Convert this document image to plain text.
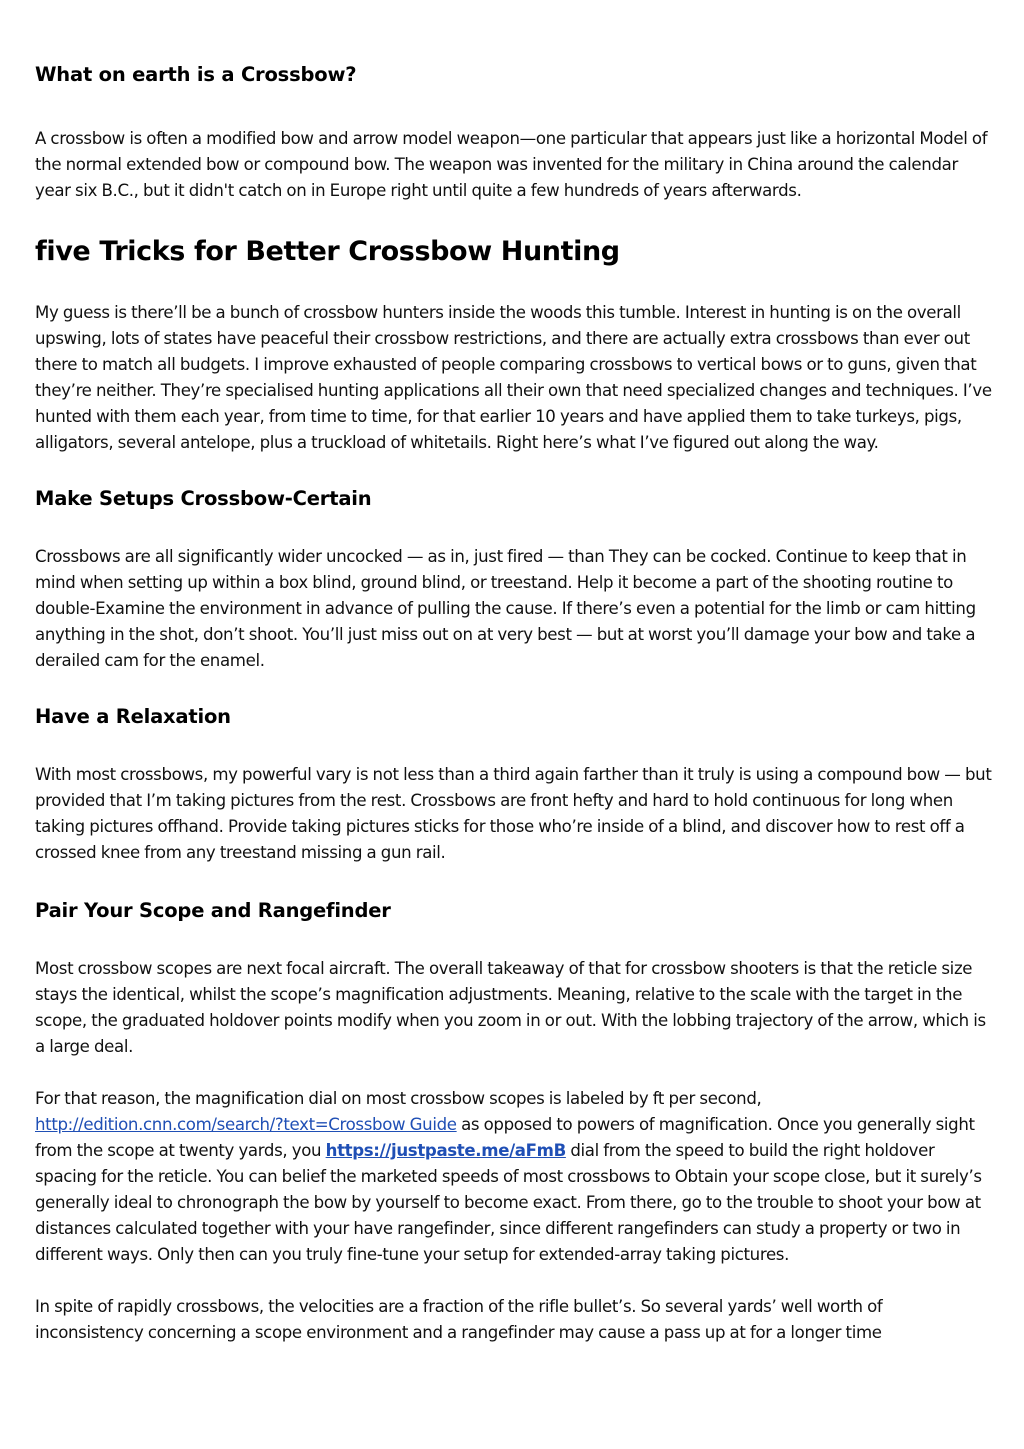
What on earth is a Crossbow?

A crossbow is often a modified bow and arrow model weapon—one particular that appears just like a horizontal Model of the normal extended bow or compound bow. The weapon was invented for the military in China around the calendar year six B.C., but it didn't catch on in Europe right until quite a few hundreds of years afterwards.

five Tricks for Better Crossbow Hunting

My guess is there’ll be a bunch of crossbow hunters inside the woods this tumble. Interest in hunting is on the overall upswing, lots of states have peaceful their crossbow restrictions, and there are actually extra crossbows than ever out there to match all budgets. I improve exhausted of people comparing crossbows to vertical bows or to guns, given that they’re neither. They’re specialised hunting applications all their own that need specialized changes and techniques. I’ve hunted with them each year, from time to time, for that earlier 10 years and have applied them to take turkeys, pigs, alligators, several antelope, plus a truckload of whitetails. Right here’s what I’ve figured out along the way.

Make Setups Crossbow-Certain

Crossbows are all significantly wider uncocked — as in, just fired — than They can be cocked. Continue to keep that in mind when setting up within a box blind, ground blind, or treestand. Help it become a part of the shooting routine to double-Examine the environment in advance of pulling the cause. If there’s even a potential for the limb or cam hitting anything in the shot, don’t shoot. You’ll just miss out on at very best — but at worst you’ll damage your bow and take a derailed cam for the enamel.

Have a Relaxation

With most crossbows, my powerful vary is not less than a third again farther than it truly is using a compound bow — but provided that I’m taking pictures from the rest. Crossbows are front hefty and hard to hold continuous for long when taking pictures offhand. Provide taking pictures sticks for those who’re inside of a blind, and discover how to rest off a crossed knee from any treestand missing a gun rail.

Pair Your Scope and Rangefinder

Most crossbow scopes are next focal aircraft. The overall takeaway of that for crossbow shooters is that the reticle size stays the identical, whilst the scope’s magnification adjustments. Meaning, relative to the scale with the target in the scope, the graduated holdover points modify when you zoom in or out. With the lobbing trajectory of the arrow, which is a large deal.

For that reason, the magnification dial on most crossbow scopes is labeled by ft per second, http://edition.cnn.com/search/?text=Crossbow Guide as opposed to powers of magnification. Once you generally sight from the scope at twenty yards, you https://justpaste.me/aFmB dial from the speed to build the right holdover spacing for the reticle. You can belief the marketed speeds of most crossbows to Obtain your scope close, but it surely’s generally ideal to chronograph the bow by yourself to become exact. From there, go to the trouble to shoot your bow at distances calculated together with your have rangefinder, since different rangefinders can study a property or two in different ways. Only then can you truly fine-tune your setup for extended-array taking pictures.

In spite of rapidly crossbows, the velocities are a fraction of the rifle bullet’s. So several yards’ well worth of inconsistency concerning a scope environment and a rangefinder may cause a pass up at for a longer time
